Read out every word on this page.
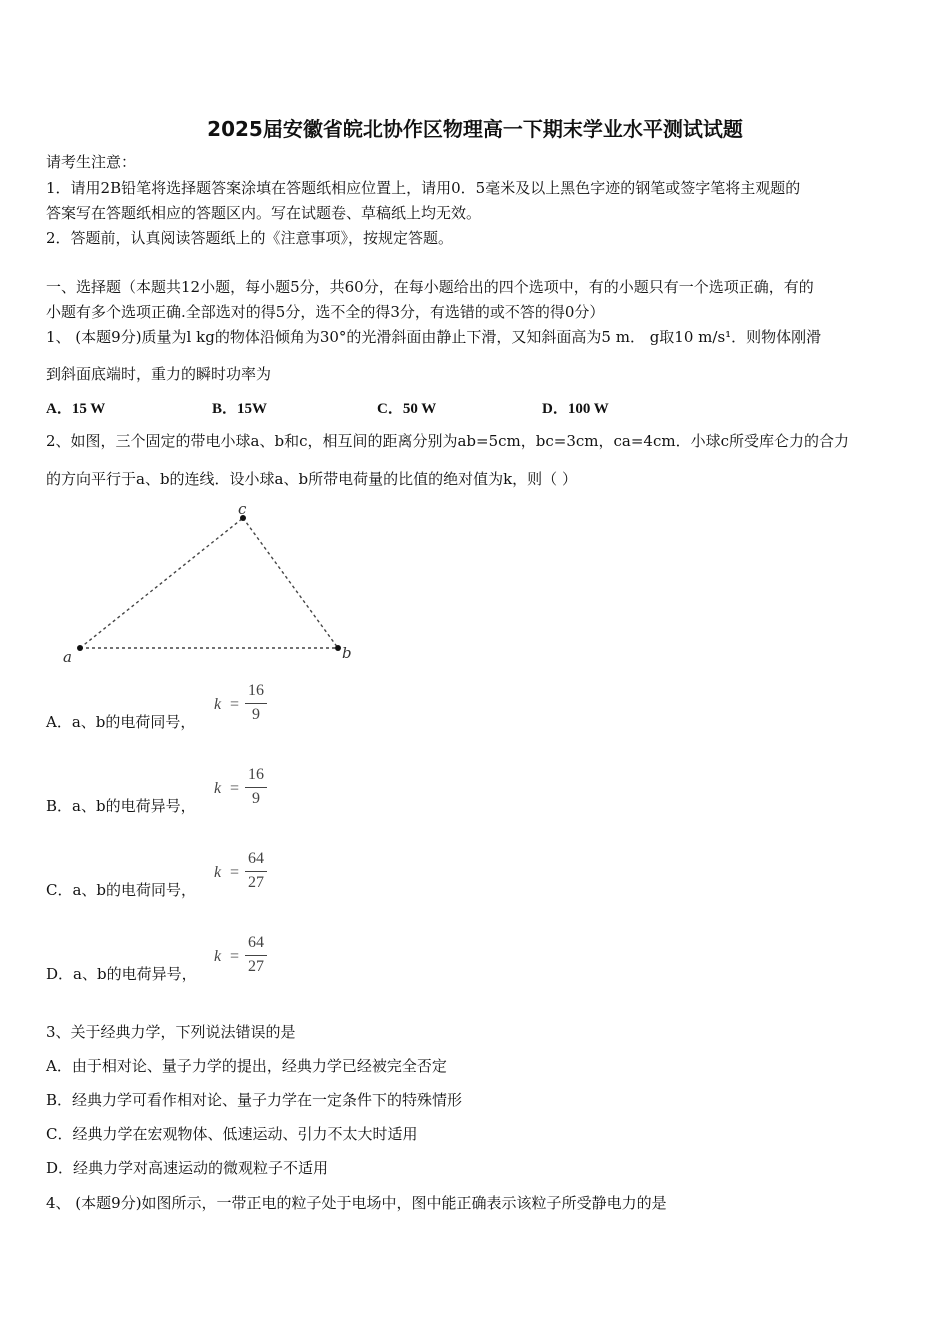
2025届安徽省皖北协作区物理高一下期末学业水平测试试题
请考生注意：
1．请用2B铅笔将选择题答案涂填在答题纸相应位置上，请用0．5毫米及以上黑色字迹的钢笔或签字笔将主观题的
答案写在答题纸相应的答题区内。写在试题卷、草稿纸上均无效。
2．答题前，认真阅读答题纸上的《注意事项》，按规定答题。
一、选择题（本题共12小题，每小题5分，共60分，在每小题给出的四个选项中，有的小题只有一个选项正确，有的
小题有多个选项正确.全部选对的得5分，选不全的得3分，有选错的或不答的得0分）
1、 (本题9分)质量为l kg的物体沿倾角为30°的光滑斜面由静止下滑，又知斜面高为5 m． g取10 m/s¹．则物体刚滑
到斜面底端时，重力的瞬时功率为
A．15 W	B．15W	C．50 W	D．100 W
2、如图，三个固定的带电小球a、b和c，相互间的距离分别为ab=5cm，bc=3cm，ca=4cm．小球c所受库仑力的合力
的方向平行于a、b的连线．设小球a、b所带电荷量的比值的绝对值为k，则（ ）
a	b
c
A．a、b的电荷同号，
k =
16
9
B．a、b的电荷异号，
k =
16
9
C．a、b的电荷同号，
k =
64
27
D．a、b的电荷异号，
k =
64
27
3、关于经典力学，下列说法错误的是
A．由于相对论、量子力学的提出，经典力学已经被完全否定
B．经典力学可看作相对论、量子力学在一定条件下的特殊情形
C．经典力学在宏观物体、低速运动、引力不太大时适用
D．经典力学对高速运动的微观粒子不适用
4、 (本题9分)如图所示，一带正电的粒子处于电场中，图中能正确表示该粒子所受静电力的是
